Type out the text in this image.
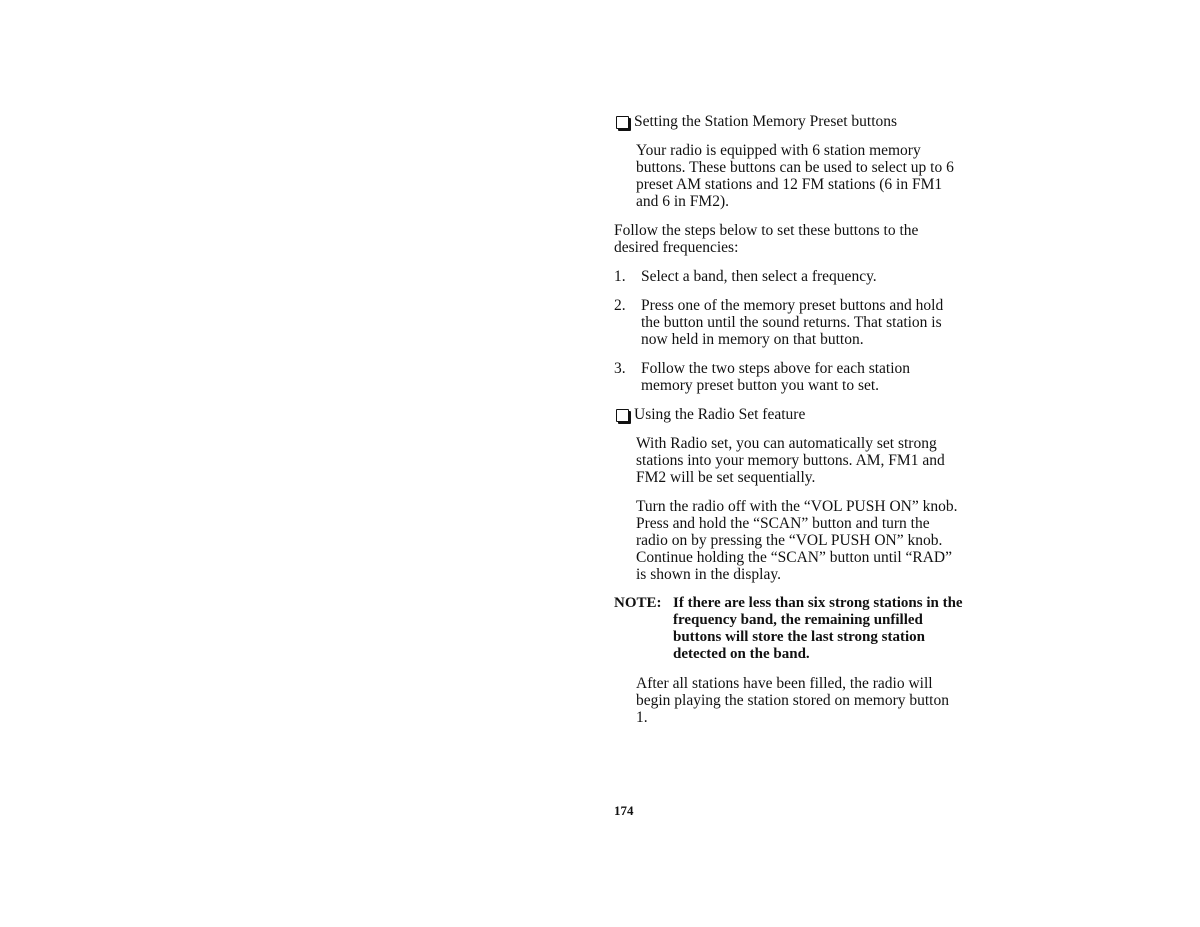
Setting the Station Memory Preset buttons

Your radio is equipped with 6 station memory buttons. These buttons can be used to select up to 6 preset AM stations and 12 FM stations (6 in FM1 and 6 in FM2).

Follow the steps below to set these buttons to the desired frequencies:

1. Select a band, then select a frequency.
2. Press one of the memory preset buttons and hold the button until the sound returns. That station is now held in memory on that button.
3. Follow the two steps above for each station memory preset button you want to set.
Using the Radio Set feature

With Radio set, you can automatically set strong stations into your memory buttons. AM, FM1 and FM2 will be set sequentially.

Turn the radio off with the “VOL PUSH ON” knob. Press and hold the “SCAN” button and turn the radio on by pressing the “VOL PUSH ON” knob. Continue holding the “SCAN” button until “RAD” is shown in the display.

NOTE: If there are less than six strong stations in the frequency band, the remaining unfilled buttons will store the last strong station detected on the band.

After all stations have been filled, the radio will begin playing the station stored on memory button 1.

174
